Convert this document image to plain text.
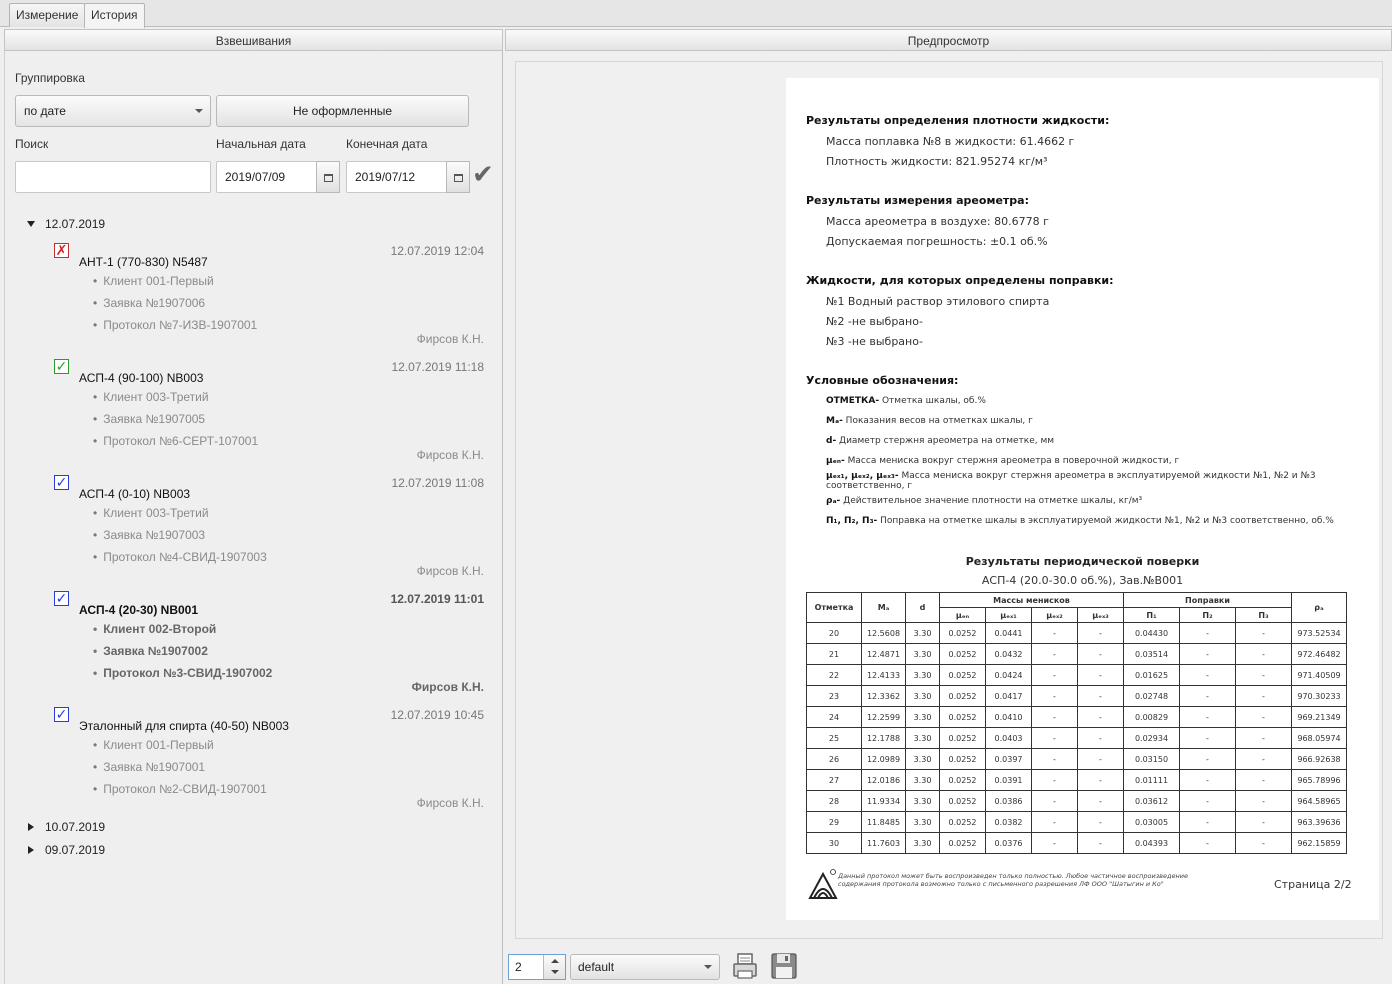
Измерение	История
Взвешивания	Предпросмотр
Группировка
по дате	Не оформленные
Поиск	Начальная дата	Конечная дата
2019/07/09	2019/07/12	✔
12.07.2019
✗
АНТ-1 (770-830) N5487
12.07.2019 12:04
• Клиент 001-Первый
• Заявка №1907006
• Протокол №7-ИЗВ-1907001
Фирсов К.Н.
✓
АСП-4 (90-100) NB003
12.07.2019 11:18
• Клиент 003-Третий
• Заявка №1907005
• Протокол №6-СЕРТ-107001
Фирсов К.Н.
✓
АСП-4 (0-10) NB003
12.07.2019 11:08
• Клиент 003-Третий
• Заявка №1907003
• Протокол №4-СВИД-1907003
Фирсов К.Н.
✓
АСП-4 (20-30) NB001
12.07.2019 11:01
• Клиент 002-Второй
• Заявка №1907002
• Протокол №3-СВИД-1907002
Фирсов К.Н.
✓
Эталонный для спирта (40-50) NB003
12.07.2019 10:45
• Клиент 001-Первый
• Заявка №1907001
• Протокол №2-СВИД-1907001
Фирсов К.Н.
10.07.2019
09.07.2019
Результаты определения плотности жидкости:
Масса поплавка №8 в жидкости: 61.4662 г
Плотность жидкости: 821.95274 кг/м³
Результаты измерения ареометра:
Масса ареометра в воздухе: 80.6778 г
Допускаемая погрешность: ±0.1 об.%
Жидкости, для которых определены поправки:
№1 Водный раствор этилового спирта
№2 -не выбрано-
№3 -не выбрано-
Условные обозначения:
ОТМЕТКА- Отметка шкалы, об.%
Мₐ- Показания весов на отметках шкалы, г
d- Диаметр стержня ареометра на отметке, мм
μₑₙ- Масса мениска вокруг стержня ареометра в поверочной жидкости, г
μₑₓ₁, μₑₓ₂, μₑₓ₃- Масса мениска вокруг стержня ареометра в эксплуатируемой жидкости №1, №2 и №3 соответственно, г
ρₐ- Действительное значение плотности на отметке шкалы, кг/м³
П₁, П₂, П₃- Поправка на отметке шкалы в эксплуатируемой жидкости №1, №2 и №3 соответственно, об.%
Результаты периодической поверки
АСП-4 (20.0-30.0 об.%), Зав.№B001
Отметка	Мₐ	d	Массы менисков				Поправки			ρₐ
			μₑₙ	μₑₓ₁	μₑₓ₂	μₑₓ₃	П₁	П₂	П₃	
20	12.5608	3.30	0.0252	0.0441	-	-	0.04430	-	-	973.52534
21	12.4871	3.30	0.0252	0.0432	-	-	0.03514	-	-	972.46482
22	12.4133	3.30	0.0252	0.0424	-	-	0.01625	-	-	971.40509
23	12.3362	3.30	0.0252	0.0417	-	-	0.02748	-	-	970.30233
24	12.2599	3.30	0.0252	0.0410	-	-	0.00829	-	-	969.21349
25	12.1788	3.30	0.0252	0.0403	-	-	0.02934	-	-	968.05974
26	12.0989	3.30	0.0252	0.0397	-	-	0.03150	-	-	966.92638
27	12.0186	3.30	0.0252	0.0391	-	-	0.01111	-	-	965.78996
28	11.9334	3.30	0.0252	0.0386	-	-	0.03612	-	-	964.58965
29	11.8485	3.30	0.0252	0.0382	-	-	0.03005	-	-	963.39636
30	11.7603	3.30	0.0252	0.0376	-	-	0.04393	-	-	962.15859
Данный протокол может быть воспроизведен только полностью. Любое частичное воспроизведение содержания протокола возможно только с письменного разрешения ЛФ ООО "Шатыгин и Ко"	Страница 2/2
2	default
